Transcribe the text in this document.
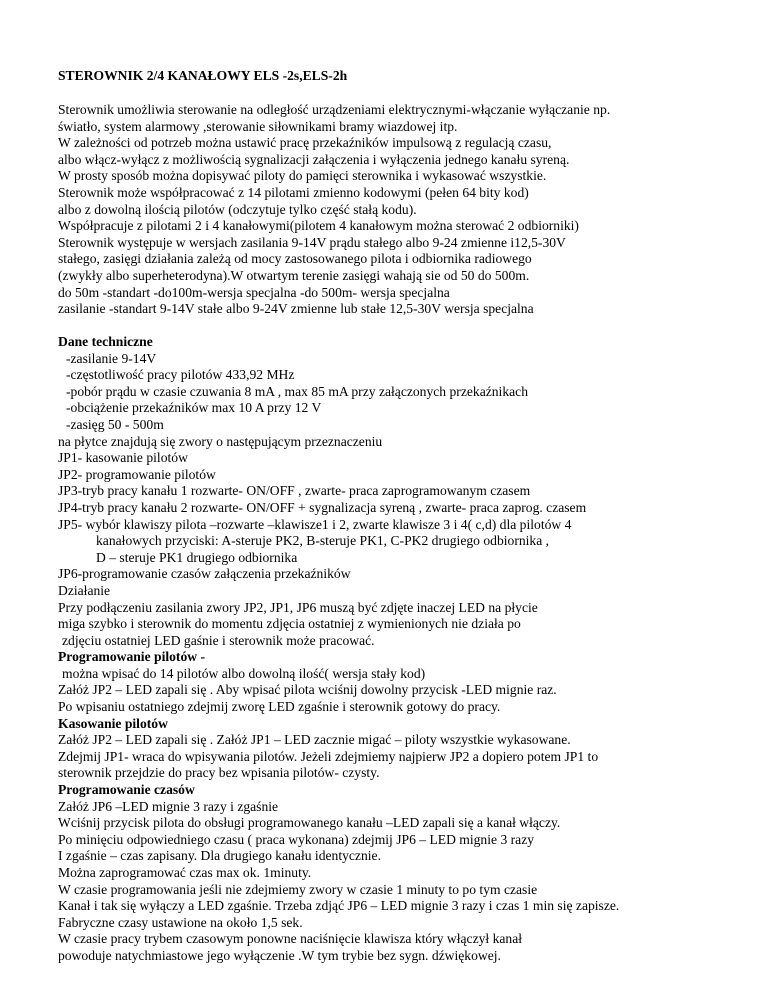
STEROWNIK 2/4 KANAŁOWY ELS -2s,ELS-2h
Sterownik umożliwia sterowanie na odległość urządzeniami elektrycznymi-włączanie wyłączanie np.
światło, system alarmowy ,sterowanie siłownikami bramy wiazdowej itp.
W zależności od potrzeb można ustawić pracę przekaźników impulsową z regulacją czasu,
albo włącz-wyłącz z możliwością sygnalizacji załączenia i wyłączenia jednego kanału syreną.
W prosty sposób można dopisywać piloty do pamięci sterownika i wykasować wszystkie.
Sterownik może współpracować z 14 pilotami zmienno kodowymi (pełen 64 bity kod)
albo z dowolną ilością pilotów (odczytuje tylko część stałą kodu).
Współpracuje z pilotami 2 i 4 kanałowymi(pilotem 4 kanałowym można sterować 2 odbiorniki)
Sterownik występuje w wersjach zasilania 9-14V prądu stałego albo 9-24 zmienne i12,5-30V
stałego, zasięgi działania zależą od mocy zastosowanego pilota i odbiornika radiowego
(zwykły albo superheterodyna).W otwartym terenie zasięgi wahają sie od 50 do 500m.
do 50m -standart -do100m-wersja specjalna -do 500m- wersja specjalna
zasilanie -standart 9-14V stałe albo 9-24V zmienne lub stałe 12,5-30V wersja specjalna
Dane techniczne
-zasilanie 9-14V
-częstotliwość pracy pilotów 433,92 MHz
-pobór prądu w czasie czuwania 8 mA , max 85 mA przy załączonych przekaźnikach
-obciążenie przekaźników max 10 A przy 12 V
-zasięg 50 - 500m
na płytce znajdują się zwory o następującym przeznaczeniu
JP1- kasowanie pilotów
JP2- programowanie pilotów
JP3-tryb pracy kanału 1 rozwarte- ON/OFF , zwarte- praca zaprogramowanym czasem
JP4-tryb pracy kanału 2 rozwarte- ON/OFF + sygnalizacja syreną , zwarte- praca zaprog. czasem
JP5- wybór klawiszy pilota –rozwarte –klawisze1 i 2, zwarte klawisze 3 i 4( c,d) dla pilotów 4
kanałowych przyciski: A-steruje PK2, B-steruje PK1, C-PK2 drugiego odbiornika ,
D – steruje PK1 drugiego odbiornika
JP6-programowanie czasów załączenia przekaźników
Działanie
Przy podłączeniu zasilania zwory JP2, JP1, JP6 muszą być zdjęte inaczej LED na płycie
miga szybko i sterownik do momentu zdjęcia ostatniej z wymienionych nie działa po
zdjęciu ostatniej LED gaśnie i sterownik może pracować.
Programowanie pilotów -
można wpisać do 14 pilotów albo dowolną ilość( wersja stały kod)
Załóż JP2 – LED zapali się . Aby wpisać pilota wciśnij dowolny przycisk -LED mignie raz.
Po wpisaniu ostatniego zdejmij zworę LED zgaśnie i sterownik gotowy do pracy.
Kasowanie pilotów
Załóż JP2 – LED zapali się . Załóż JP1 – LED zacznie migać – piloty wszystkie wykasowane.
Zdejmij JP1- wraca do wpisywania pilotów. Jeżeli zdejmiemy najpierw JP2 a dopiero potem JP1 to
sterownik przejdzie do pracy bez wpisania pilotów- czysty.
Programowanie czasów
Załóż JP6 –LED mignie 3 razy i zgaśnie
Wciśnij przycisk pilota do obsługi programowanego kanału –LED zapali się a kanał włączy.
Po minięciu odpowiedniego czasu ( praca wykonana) zdejmij JP6 – LED mignie 3 razy
I zgaśnie – czas zapisany. Dla drugiego kanału identycznie.
Można zaprogramować czas max ok. 1minuty.
W czasie programowania jeśli nie zdejmiemy zwory w czasie 1 minuty to po tym czasie
Kanał i tak się wyłączy a LED zgaśnie. Trzeba zdjąć JP6 – LED mignie 3 razy i czas 1 min się zapisze.
Fabryczne czasy ustawione na około 1,5 sek.
W czasie pracy trybem czasowym ponowne naciśnięcie klawisza który włączył kanał
powoduje natychmiastowe jego wyłączenie .W tym trybie bez sygn. dźwiękowej.
